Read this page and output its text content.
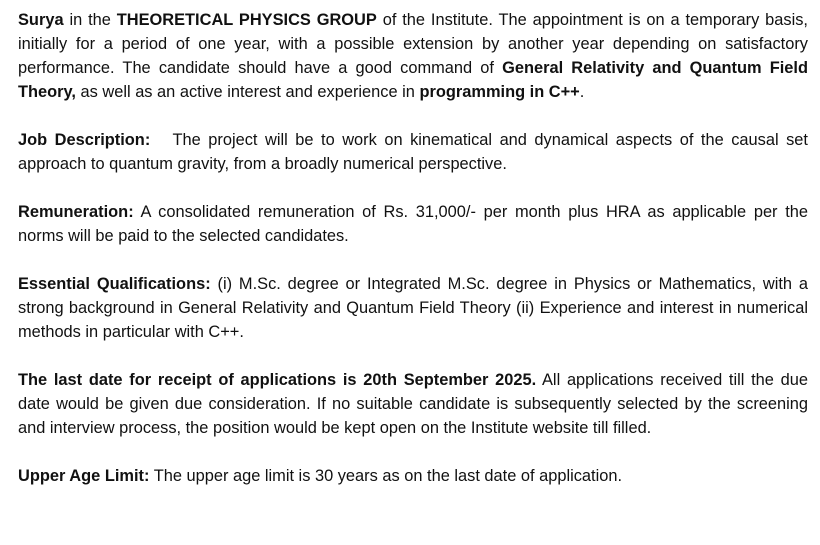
Surya in the THEORETICAL PHYSICS GROUP of the Institute. The appointment is on a temporary basis, initially for a period of one year, with a possible extension by another year depending on satisfactory performance. The candidate should have a good command of General Relativity and Quantum Field Theory, as well as an active interest and experience in programming in C++.

Job Description: The project will be to work on kinematical and dynamical aspects of the causal set approach to quantum gravity, from a broadly numerical perspective.

Remuneration: A consolidated remuneration of Rs. 31,000/- per month plus HRA as applicable per the norms will be paid to the selected candidates.

Essential Qualifications: (i) M.Sc. degree or Integrated M.Sc. degree in Physics or Mathematics, with a strong background in General Relativity and Quantum Field Theory (ii) Experience and interest in numerical methods in particular with C++.

The last date for receipt of applications is 20th September 2025. All applications received till the due date would be given due consideration. If no suitable candidate is subsequently selected by the screening and interview process, the position would be kept open on the Institute website till filled.

Upper Age Limit: The upper age limit is 30 years as on the last date of application.
